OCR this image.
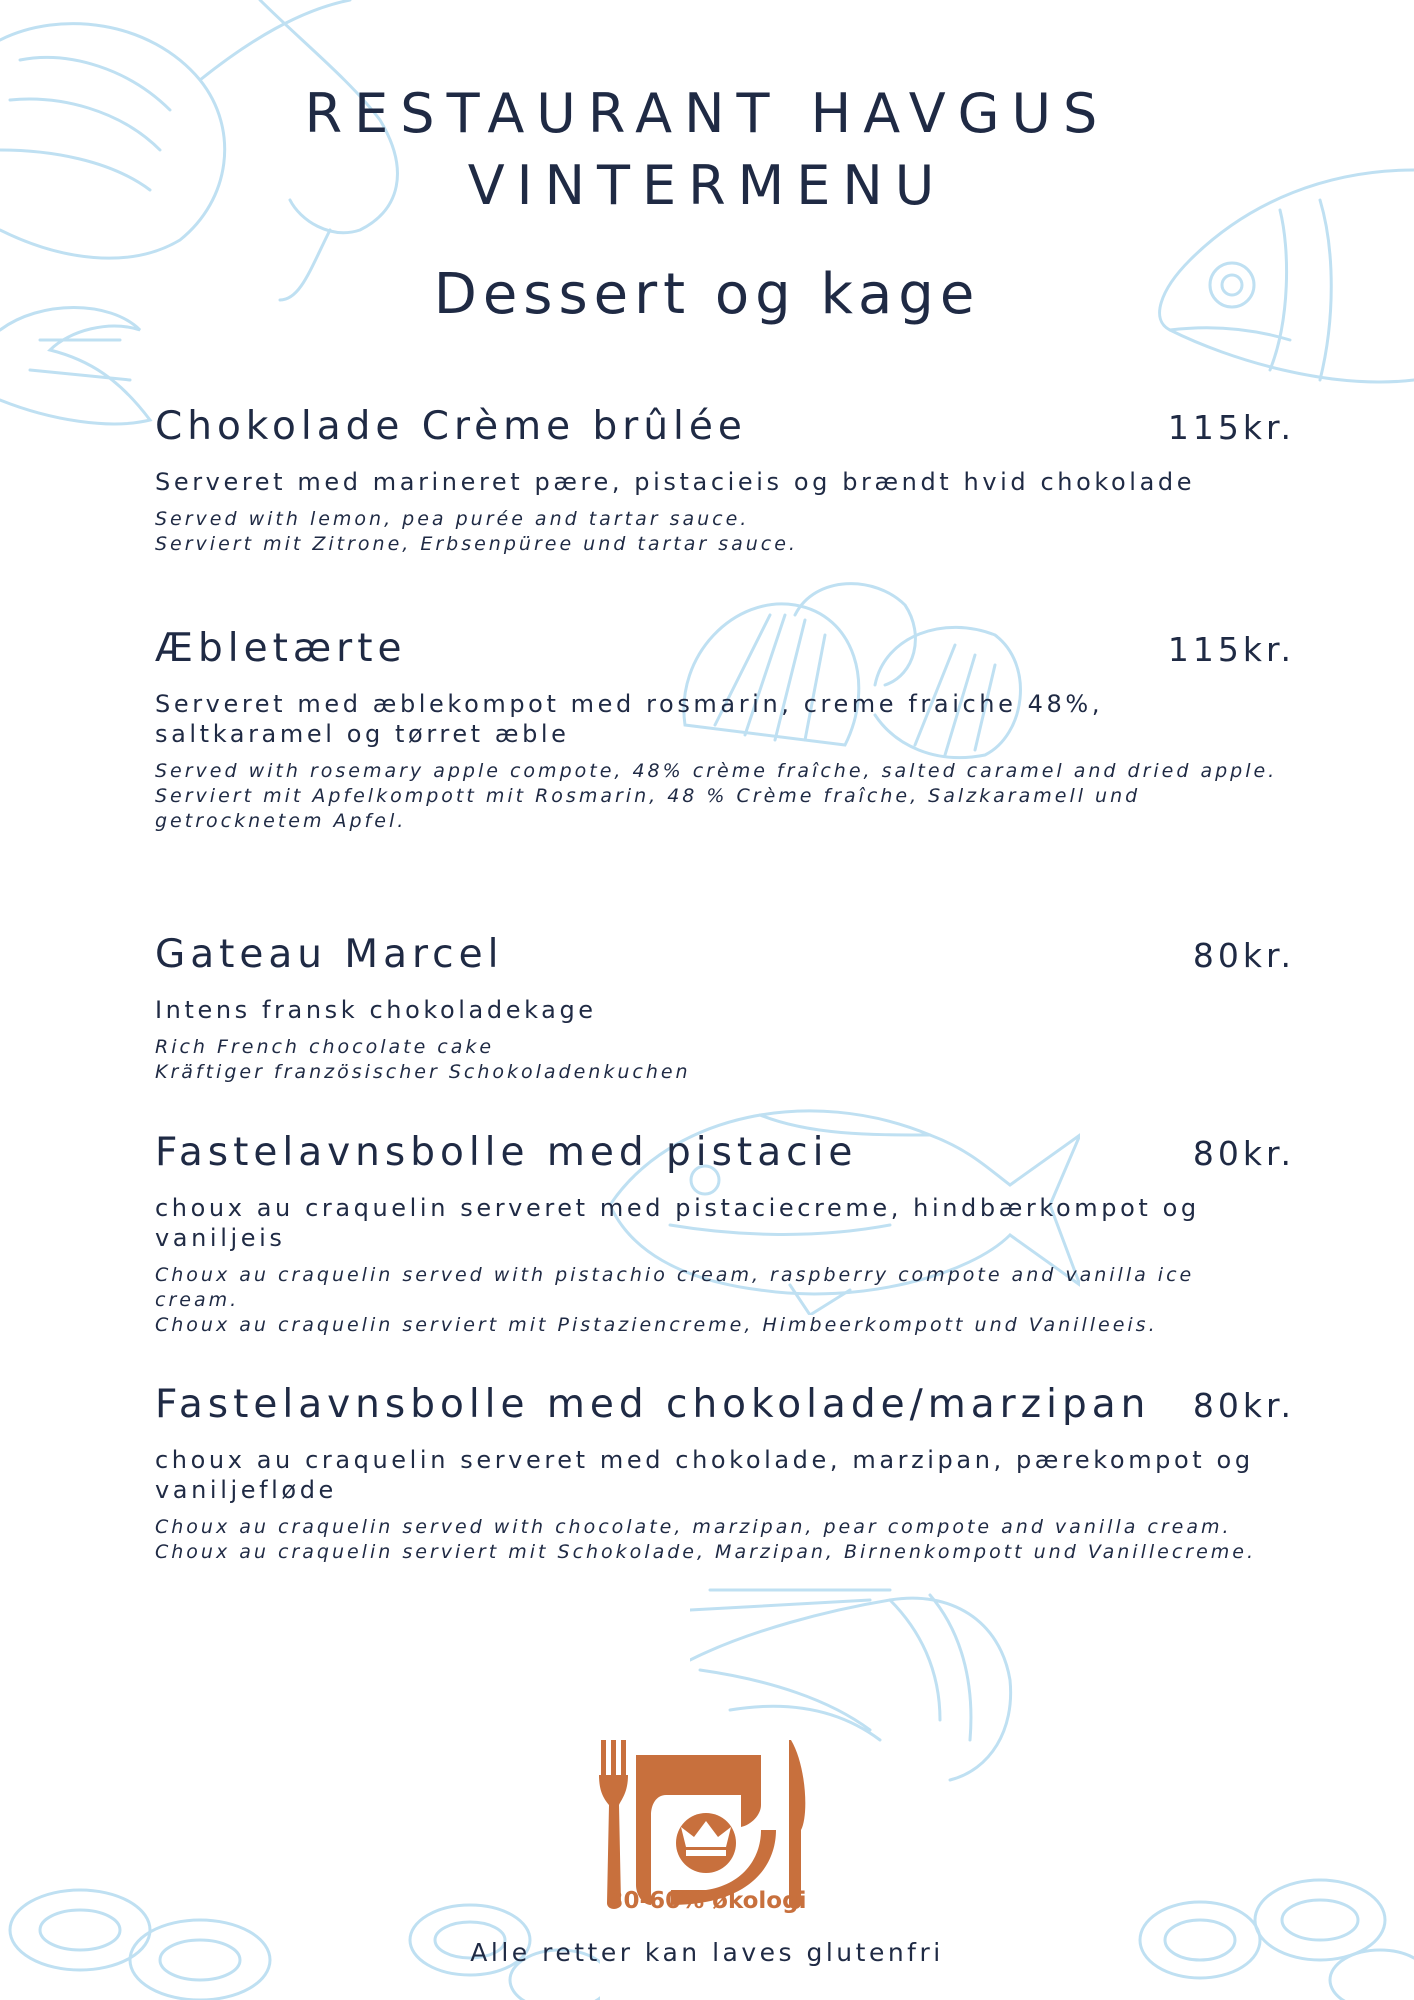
RESTAURANT HAVGUS
VINTERMENU
Dessert og kage
Chokolade Crème brûlée	115kr.
Serveret med marineret pære, pistacieis og brændt hvid chokolade
Served with lemon, pea purée and tartar sauce.
Serviert mit Zitrone, Erbsenpüree und tartar sauce.
Æbletærte	115kr.
Serveret med æblekompot med rosmarin, creme fraiche 48%, saltkaramel og tørret æble
Served with rosemary apple compote, 48% crème fraîche, salted caramel and dried apple.
Serviert mit Apfelkompott mit Rosmarin, 48 % Crème fraîche, Salzkaramell und getrocknetem Apfel.
Gateau Marcel	80kr.
Intens fransk chokoladekage
Rich French chocolate cake
Kräftiger französischer Schokoladenkuchen
Fastelavnsbolle med pistacie	80kr.
choux au craquelin serveret med pistaciecreme, hindbærkompot og vaniljeis
Choux au craquelin served with pistachio cream, raspberry compote and vanilla ice cream.
Choux au craquelin serviert mit Pistaziencreme, Himbeerkompott und Vanilleeis.
Fastelavnsbolle med chokolade/marzipan 80kr.
choux au craquelin serveret med chokolade, marzipan, pærekompot og vaniljefløde
Choux au craquelin served with chocolate, marzipan, pear compote and vanilla cream.
Choux au craquelin serviert mit Schokolade, Marzipan, Birnenkompott und Vanillecreme.
30-60% økologi
Alle retter kan laves glutenfri
